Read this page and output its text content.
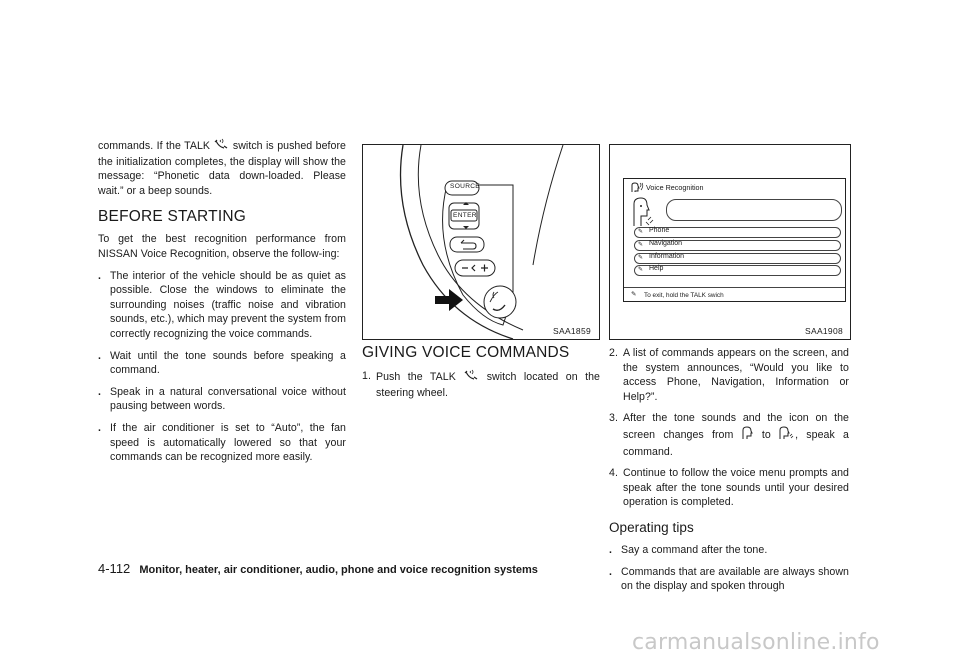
commands. If the TALK switch is pushed before the initialization completes, the display will show the message: “Phonetic data down-loaded. Please wait.” or a beep sounds.

BEFORE STARTING

To get the best recognition performance from NISSAN Voice Recognition, observe the follow-ing:

. The interior of the vehicle should be as quiet as possible. Close the windows to eliminate the surrounding noises (traffic noise and vibration sounds, etc.), which may prevent the system from correctly recognizing the voice commands.
. Wait until the tone sounds before speaking a command.
. Speak in a natural conversational voice without pausing between words.
. If the air conditioner is set to “Auto”, the fan speed is automatically lowered so that your commands can be recognized more easily.
SOURCE
ENTER
SAA1859
GIVING VOICE COMMANDS
1. Push the TALK	switch located on the steering wheel.
SAA1908
Voice Recognition
✎ Phone
✎ Navigation
✎ Information
✎ Help
✎ To exit, hold the TALK swich
2. A list of commands appears on the screen, and the system announces, “Would you like to access Phone, Navigation, Information or Help?”.
3. After the tone sounds and the icon on the screen changes from	to , speak a command.
4. Continue to follow the voice menu prompts and speak after the tone sounds until your desired operation is completed.
Operating tips
. Say a command after the tone.
. Commands that are available are always shown on the display and spoken through
4-112 Monitor, heater, air conditioner, audio, phone and voice recognition systems
carmanualsonline.info
